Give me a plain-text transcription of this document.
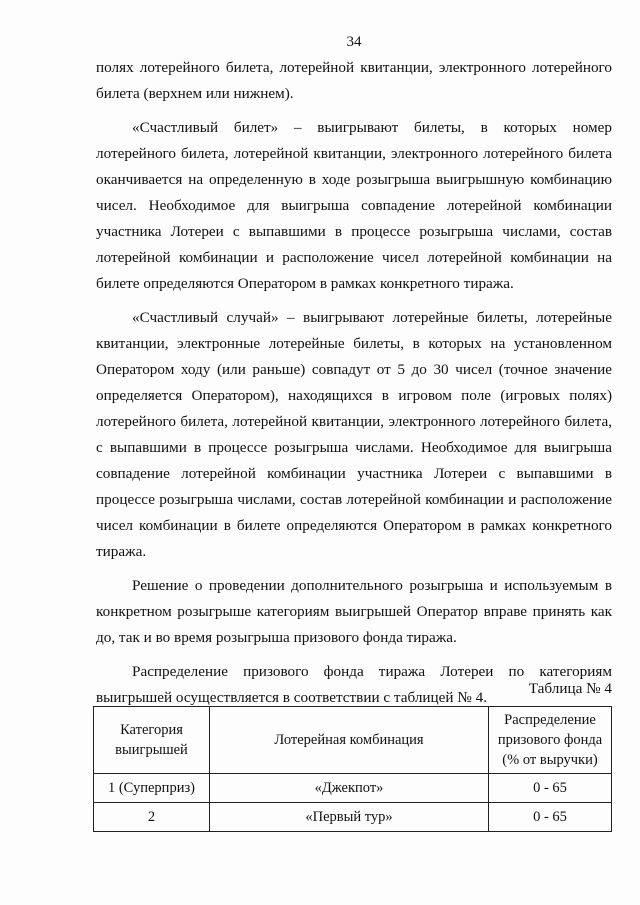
34

полях лотерейного билета, лотерейной квитанции, электронного лотерейного билета (верхнем или нижнем).

«Счастливый билет» – выигрывают билеты, в которых номер лотерейного билета, лотерейной квитанции, электронного лотерейного билета оканчивается на определенную в ходе розыгрыша выигрышную комбинацию чисел. Необходимое для выигрыша совпадение лотерейной комбинации участника Лотереи с выпавшими в процессе розыгрыша числами, состав лотерейной комбинации и расположение чисел лотерейной комбинации на билете определяются Оператором в рамках конкретного тиража.

«Счастливый случай» – выигрывают лотерейные билеты, лотерейные квитанции, электронные лотерейные билеты, в которых на установленном Оператором ходу (или раньше) совпадут от 5 до 30 чисел (точное значение определяется Оператором), находящихся в игровом поле (игровых полях) лотерейного билета, лотерейной квитанции, электронного лотерейного билета, с выпавшими в процессе розыгрыша числами. Необходимое для выигрыша совпадение лотерейной комбинации участника Лотереи с выпавшими в процессе розыгрыша числами, состав лотерейной комбинации и расположение чисел комбинации в билете определяются Оператором в рамках конкретного тиража.

Решение о проведении дополнительного розыгрыша и используемым в конкретном розыгрыше категориям выигрышей Оператор вправе принять как до, так и во время розыгрыша призового фонда тиража.

Распределение призового фонда тиража Лотереи по категориям выигрышей осуществляется в соответствии с таблицей № 4.

Таблица № 4
Категория выигрышей	Лотерейная комбинация	Распределение призового фонда (% от выручки)
1 (Суперприз)	«Джекпот»	0 - 65
2	«Первый тур»	0 - 65
